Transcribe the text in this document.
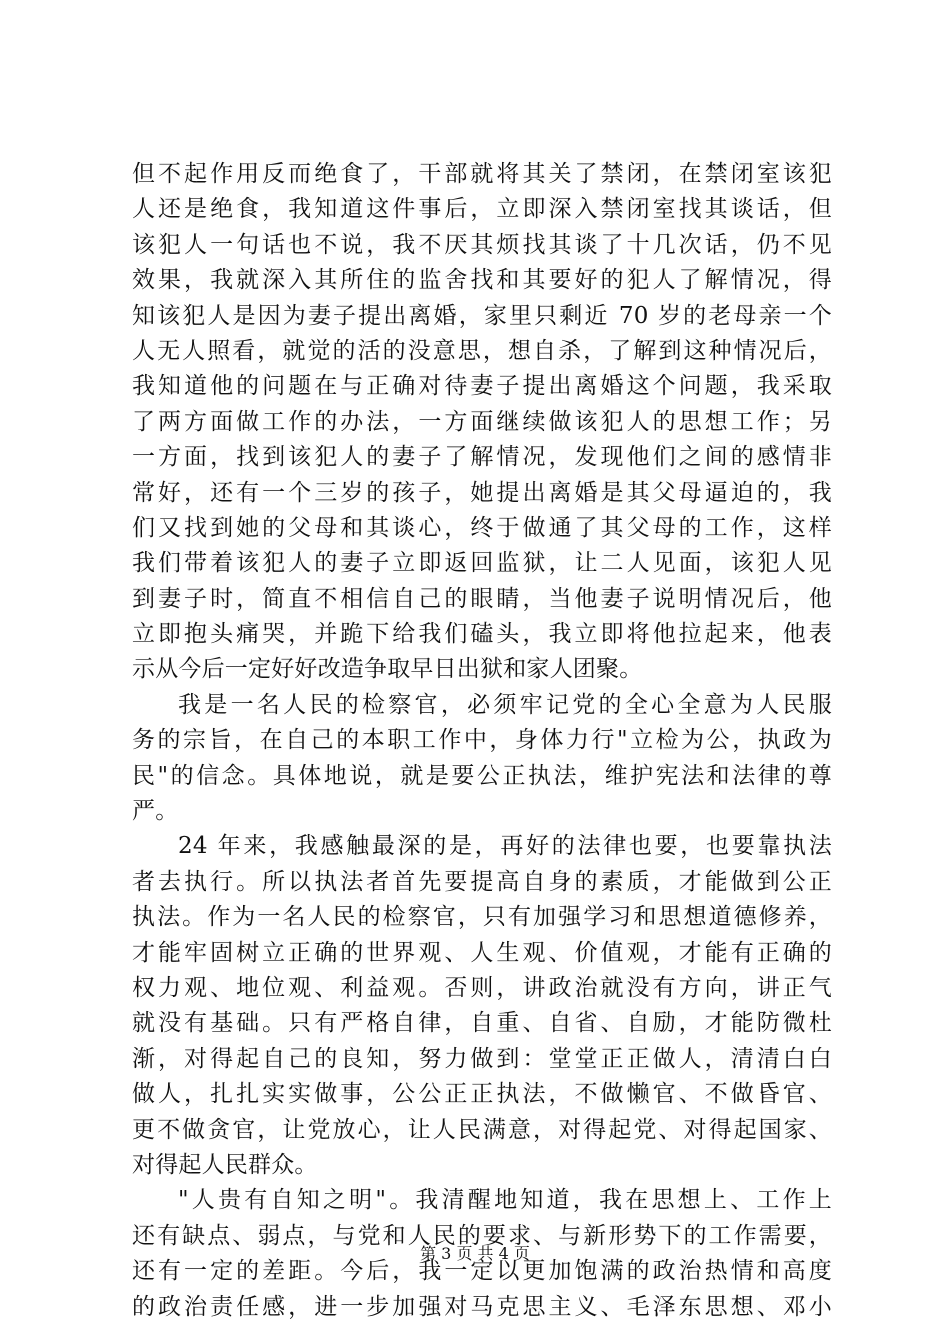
但不起作用反而绝食了，干部就将其关了禁闭，在禁闭室该犯
人还是绝食，我知道这件事后，立即深入禁闭室找其谈话，但
该犯人一句话也不说，我不厌其烦找其谈了十几次话，仍不见
效果，我就深入其所住的监舍找和其要好的犯人了解情况，得
知该犯人是因为妻子提出离婚，家里只剩近 70 岁的老母亲一个
人无人照看，就觉的活的没意思，想自杀，了解到这种情况后，
我知道他的问题在与正确对待妻子提出离婚这个问题，我采取
了两方面做工作的办法，一方面继续做该犯人的思想工作；另
一方面，找到该犯人的妻子了解情况，发现他们之间的感情非
常好，还有一个三岁的孩子，她提出离婚是其父母逼迫的，我
们又找到她的父母和其谈心，终于做通了其父母的工作，这样
我们带着该犯人的妻子立即返回监狱，让二人见面，该犯人见
到妻子时，简直不相信自己的眼睛，当他妻子说明情况后，他
立即抱头痛哭，并跪下给我们磕头，我立即将他拉起来，他表
示从今后一定好好改造争取早日出狱和家人团聚。
我是一名人民的检察官，必须牢记党的全心全意为人民服
务的宗旨，在自己的本职工作中，身体力行"立检为公，执政为
民"的信念。具体地说，就是要公正执法，维护宪法和法律的尊
严。
24 年来，我感触最深的是，再好的法律也要，也要靠执法
者去执行。所以执法者首先要提高自身的素质，才能做到公正
执法。作为一名人民的检察官，只有加强学习和思想道德修养，
才能牢固树立正确的世界观、人生观、价值观，才能有正确的
权力观、地位观、利益观。否则，讲政治就没有方向，讲正气
就没有基础。只有严格自律，自重、自省、自励，才能防微杜
渐，对得起自己的良知，努力做到：堂堂正正做人，清清白白
做人，扎扎实实做事，公公正正执法，不做懒官、不做昏官、
更不做贪官，让党放心，让人民满意，对得起党、对得起国家、
对得起人民群众。
"人贵有自知之明"。我清醒地知道，我在思想上、工作上
还有缺点、弱点，与党和人民的要求、与新形势下的工作需要，
还有一定的差距。今后，我一定以更加饱满的政治热情和高度
的政治责任感，进一步加强对马克思主义、毛泽东思想、邓小
第 3 页 共 4 页
